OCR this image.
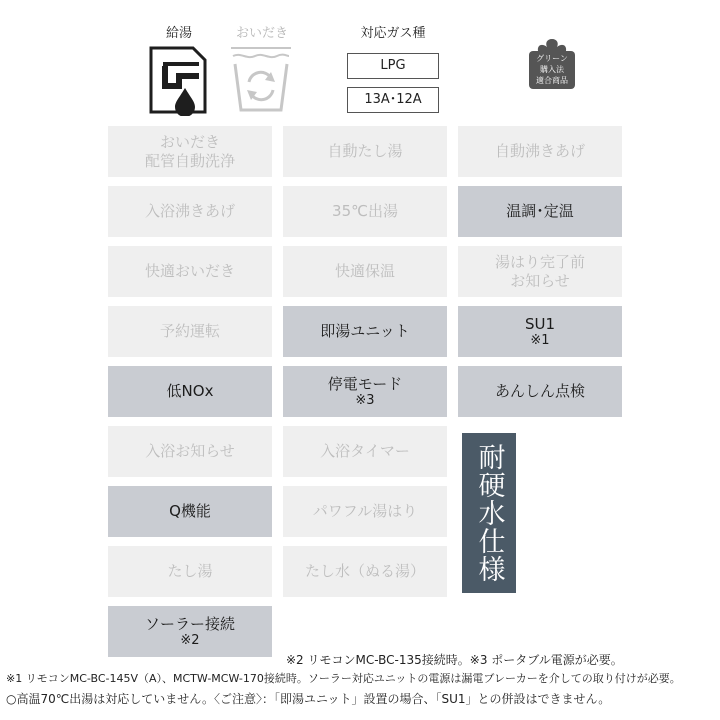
給湯	おいだき	対応ガス種
LPG
13A･12A
グリーン
購入法
適合商品
おいだき
配管自動洗浄
自動たし湯	自動沸きあげ
入浴沸きあげ	35℃出湯	温調･定温
快適おいだき	快適保温
湯はり完了前
お知らせ
予約運転	即湯ユニット	SU1
※1
低NOx	停電モード
※3
あんしん点検
入浴お知らせ	入浴タイマー
Q機能	パワフル湯はり
たし湯	たし水（ぬる湯）
ソーラー接続
※2
耐硬水仕様
※2 リモコンMC-BC-135接続時。※3 ポータブル電源が必要。
※1 リモコンMC-BC-145V（A）、MCTW-MCW-170接続時。ソーラー対応ユニットの電源は漏電ブレーカーを介しての取り付けが必要。
○高温70℃出湯は対応していません。〈ご注意〉：「即湯ユニット」設置の場合、「SU1」との併設はできません。
